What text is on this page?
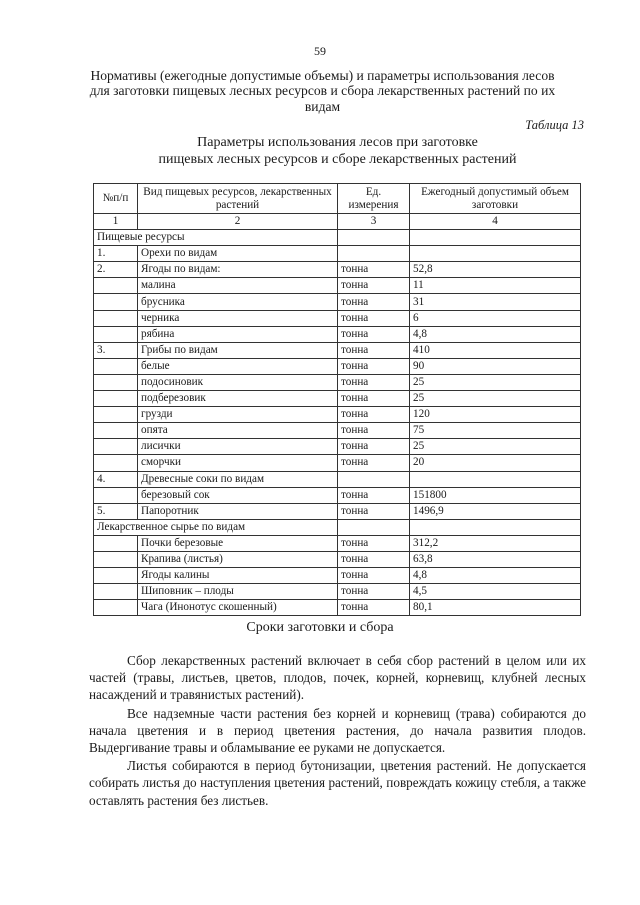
59
Нормативы (ежегодные допустимые объемы) и параметры использования лесов для заготовки пищевых лесных ресурсов и сбора лекарственных растений по их видам
Таблица 13
Параметры использования лесов при заготовке
пищевых лесных ресурсов и сборе лекарственных растений
№п/п	Вид пищевых ресурсов, лекарственных растений	Ед. измерения	Ежегодный допустимый объем заготовки
1	2	3	4
Пищевые ресурсы			
1.	Орехи по видам		
2.	Ягоды по видам:	тонна	52,8
	малина	тонна	11
	брусника	тонна	31
	черника	тонна	6
	рябина	тонна	4,8
3.	Грибы по видам	тонна	410
	белые	тонна	90
	подосиновик	тонна	25
	подберезовик	тонна	25
	грузди	тонна	120
	опята	тонна	75
	лисички	тонна	25
	сморчки	тонна	20
4.	Древесные соки по видам		
	березовый сок	тонна	151800
5.	Папоротник	тонна	1496,9
Лекарственное сырье по видам			
	Почки березовые	тонна	312,2
	Крапива (листья)	тонна	63,8
	Ягоды калины	тонна	4,8
	Шиповник – плоды	тонна	4,5
	Чага (Инонотус скошенный)	тонна	80,1
Сроки заготовки и сбора

Сбор лекарственных растений включает в себя сбор растений в целом или их частей (травы, листьев, цветов, плодов, почек, корней, корневищ, клубней лесных насаждений и травянистых растений).

Все надземные части растения без корней и корневищ (трава) собираются до начала цветения и в период цветения растения, до начала развития плодов. Выдергивание травы и обламывание ее руками не допускается.

Листья собираются в период бутонизации, цветения растений. Не допускается собирать листья до наступления цветения растений, повреждать кожицу стебля, а также оставлять растения без листьев.
